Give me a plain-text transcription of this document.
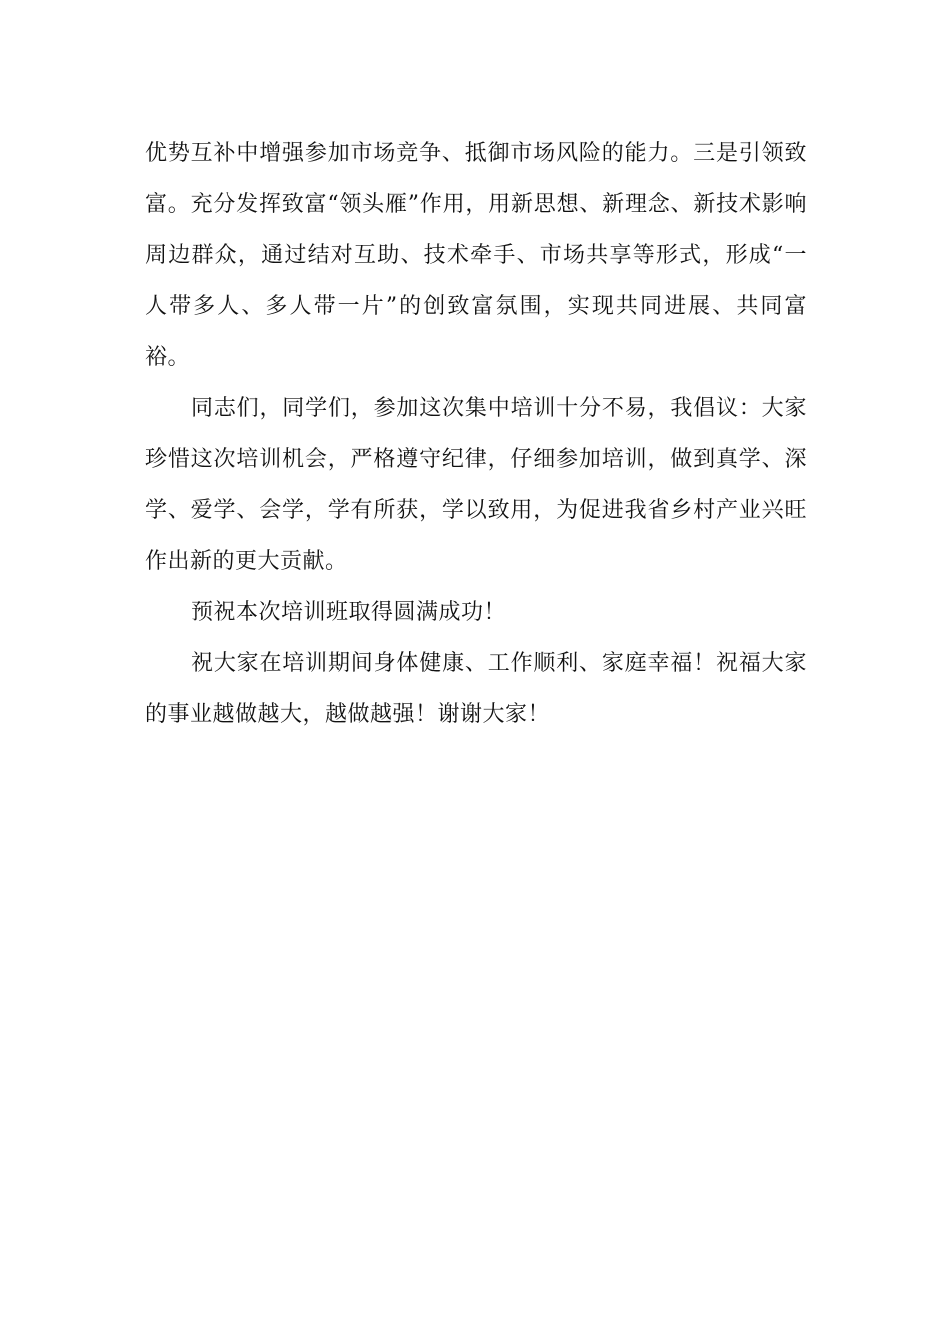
优势互补中增强参加市场竞争、抵御市场风险的能力。三是引领致富。充分发挥致富“领头雁”作用，用新思想、新理念、新技术影响周边群众，通过结对互助、技术牵手、市场共享等形式，形成“一人带多人、多人带一片”的创致富氛围，实现共同进展、共同富裕。

同志们，同学们，参加这次集中培训十分不易，我倡议：大家珍惜这次培训机会，严格遵守纪律，仔细参加培训，做到真学、深学、爱学、会学，学有所获，学以致用，为促进我省乡村产业兴旺作出新的更大贡献。

预祝本次培训班取得圆满成功！

祝大家在培训期间身体健康、工作顺利、家庭幸福！祝福大家的事业越做越大，越做越强！谢谢大家！
